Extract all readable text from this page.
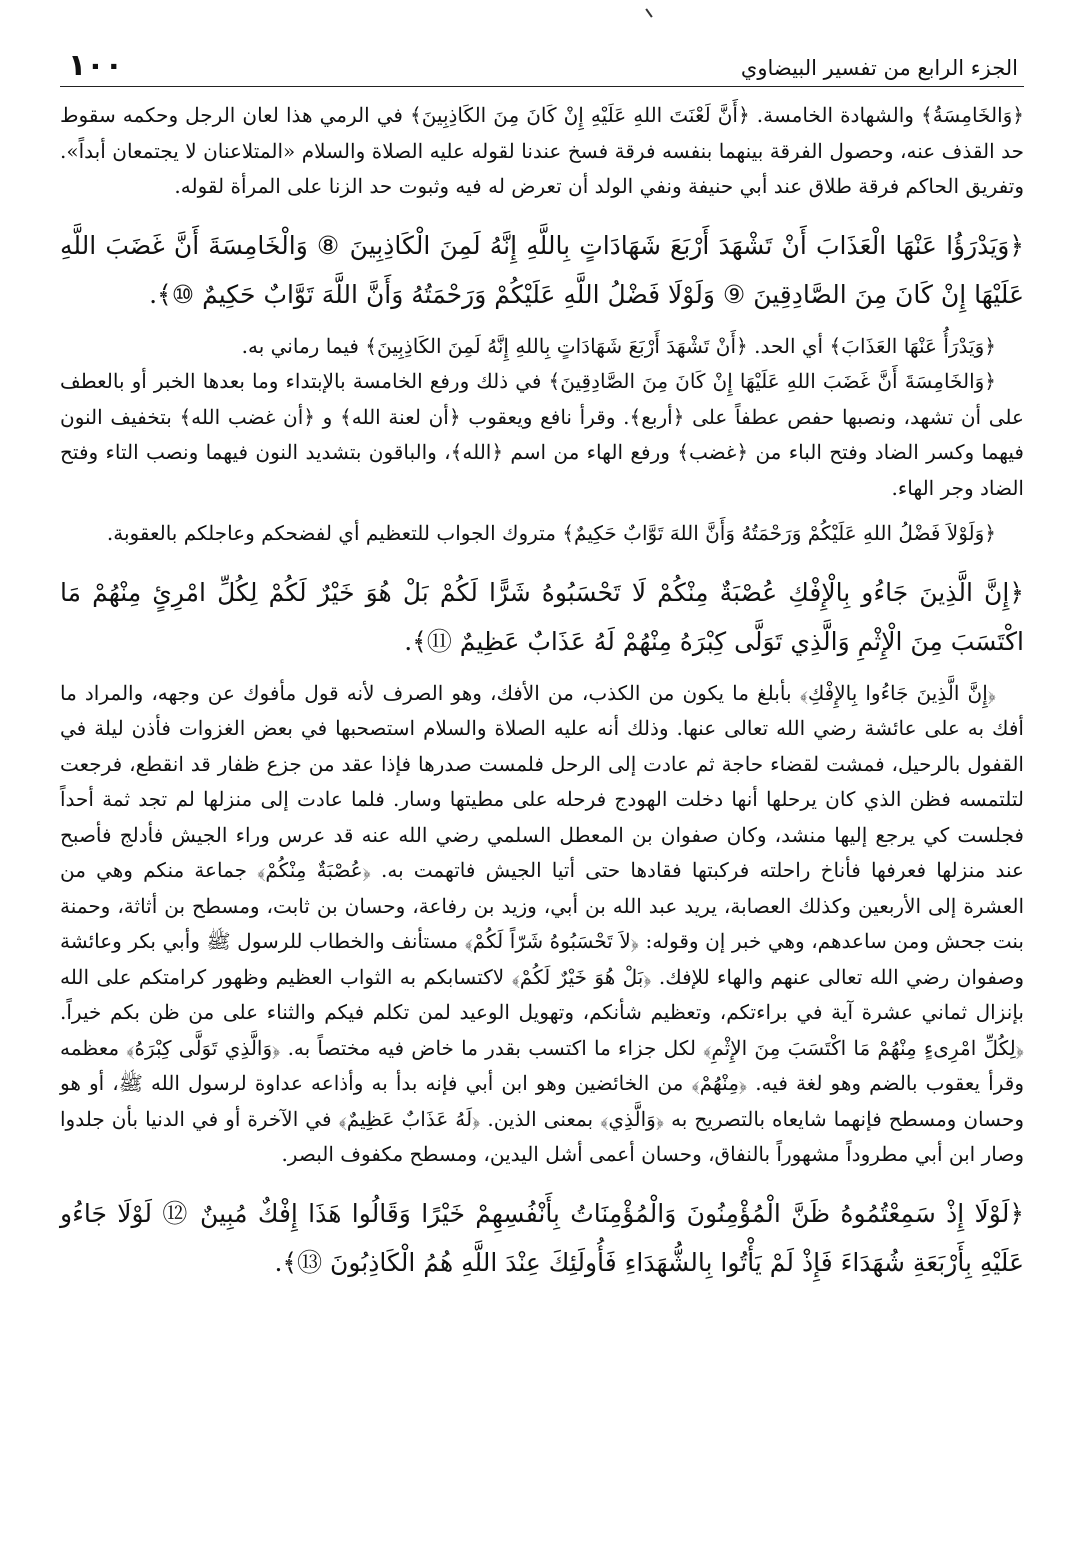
الجزء الرابع من تفسير البيضاوي
١٠٠

﴿وَالخَامِسَةُ﴾ والشهادة الخامسة. ﴿أَنَّ لَعْنَتَ اللهِ عَلَيْهِ إِنْ كَانَ مِنَ الكَاذِبِينَ﴾ في الرمي هذا لعان الرجل وحكمه سقوط حد القذف عنه، وحصول الفرقة بينهما بنفسه فرقة فسخ عندنا لقوله عليه الصلاة والسلام «المتلاعنان لا يجتمعان أبداً». وتفريق الحاكم فرقة طلاق عند أبي حنيفة ونفي الولد أن تعرض له فيه وثبوت حد الزنا على المرأة لقوله.

﴿وَيَدْرَؤُا عَنْهَا الْعَذَابَ أَنْ تَشْهَدَ أَرْبَعَ شَهَادَاتٍ بِاللَّهِ إِنَّهُ لَمِنَ الْكَاذِبِينَ ⑧ وَالْخَامِسَةَ أَنَّ غَضَبَ اللَّهِ عَلَيْهَا إِنْ كَانَ مِنَ الصَّادِقِينَ ⑨ وَلَوْلَا فَضْلُ اللَّهِ عَلَيْكُمْ وَرَحْمَتُهُ وَأَنَّ اللَّهَ تَوَّابٌ حَكِيمٌ ⑩﴾.

﴿وَيَدْرَأُ عَنْهَا العَذَابَ﴾ أي الحد. ﴿أَنْ تَشْهَدَ أَرْبَعَ شَهَادَاتٍ بِاللهِ إِنَّهُ لَمِنَ الكَاذِبِينَ﴾ فيما رماني به.

﴿وَالخَامِسَةَ أَنَّ غَضَبَ اللهِ عَلَيْهَا إِنْ كَانَ مِنَ الصَّادِقِينَ﴾ في ذلك ورفع الخامسة بالإبتداء وما بعدها الخبر أو بالعطف على أن تشهد، ونصبها حفص عطفاً على ﴿أربع﴾. وقرأ نافع ويعقوب ﴿أن لعنة الله﴾ و ﴿أن غضب الله﴾ بتخفيف النون فيهما وكسر الضاد وفتح الباء من ﴿غضب﴾ ورفع الهاء من اسم ﴿الله﴾، والباقون بتشديد النون فيهما ونصب التاء وفتح الضاد وجر الهاء.

﴿وَلَوْلاَ فَضْلُ اللهِ عَلَيْكُمْ وَرَحْمَتُهُ وَأَنَّ اللهَ تَوَّابٌ حَكِيمٌ﴾ متروك الجواب للتعظيم أي لفضحكم وعاجلكم بالعقوبة.

﴿إِنَّ الَّذِينَ جَاءُو بِالْإِفْكِ عُصْبَةٌ مِنْكُمْ لَا تَحْسَبُوهُ شَرًّا لَكُمْ بَلْ هُوَ خَيْرٌ لَكُمْ لِكُلِّ امْرِئٍ مِنْهُمْ مَا اكْتَسَبَ مِنَ الْإِثْمِ وَالَّذِي تَوَلَّى كِبْرَهُ مِنْهُمْ لَهُ عَذَابٌ عَظِيمٌ ⑪﴾.

﴿إِنَّ الَّذِينَ جَاءُوا بِالإِفْكِ﴾ بأبلغ ما يكون من الكذب، من الأفك، وهو الصرف لأنه قول مأفوك عن وجهه، والمراد ما أفك به على عائشة رضي الله تعالى عنها. وذلك أنه عليه الصلاة والسلام استصحبها في بعض الغزوات فأذن ليلة في القفول بالرحيل، فمشت لقضاء حاجة ثم عادت إلى الرحل فلمست صدرها فإذا عقد من جزع ظفار قد انقطع، فرجعت لتلتمسه فظن الذي كان يرحلها أنها دخلت الهودج فرحله على مطيتها وسار. فلما عادت إلى منزلها لم تجد ثمة أحداً فجلست كي يرجع إليها منشد، وكان صفوان بن المعطل السلمي رضي الله عنه قد عرس وراء الجيش فأدلج فأصبح عند منزلها فعرفها فأناخ راحلته فركبتها فقادها حتى أتيا الجيش فاتهمت به. ﴿عُصْبَةٌ مِنْكُمْ﴾ جماعة منكم وهي من العشرة إلى الأربعين وكذلك العصابة، يريد عبد الله بن أبي، وزيد بن رفاعة، وحسان بن ثابت، ومسطح بن أثاثة، وحمنة بنت جحش ومن ساعدهم، وهي خبر إن وقوله: ﴿لاَ تَحْسَبُوهُ شَرّاً لَكُمْ﴾ مستأنف والخطاب للرسول ﷺ وأبي بكر وعائشة وصفوان رضي الله تعالى عنهم والهاء للإفك. ﴿بَلْ هُوَ خَيْرٌ لَكُمْ﴾ لاكتسابكم به الثواب العظيم وظهور كرامتكم على الله بإنزال ثماني عشرة آية في براءتكم، وتعظيم شأنكم، وتهويل الوعيد لمن تكلم فيكم والثناء على من ظن بكم خيراً. ﴿لِكُلِّ امْرِىءٍ مِنْهُمْ مَا اكْتَسَبَ مِنَ الإِثْمِ﴾ لكل جزاء ما اكتسب بقدر ما خاض فيه مختصاً به. ﴿وَالَّذِي تَوَلَّى كِبْرَهُ﴾ معظمه وقرأ يعقوب بالضم وهو لغة فيه. ﴿مِنْهُمْ﴾ من الخائضين وهو ابن أبي فإنه بدأ به وأذاعه عداوة لرسول الله ﷺ، أو هو وحسان ومسطح فإنهما شايعاه بالتصريح به ﴿وَالَّذِي﴾ بمعنى الذين. ﴿لَهُ عَذَابٌ عَظِيمٌ﴾ في الآخرة أو في الدنيا بأن جلدوا وصار ابن أبي مطروداً مشهوراً بالنفاق، وحسان أعمى أشل اليدين، ومسطح مكفوف البصر.

﴿لَوْلَا إِذْ سَمِعْتُمُوهُ ظَنَّ الْمُؤْمِنُونَ وَالْمُؤْمِنَاتُ بِأَنْفُسِهِمْ خَيْرًا وَقَالُوا هَذَا إِفْكٌ مُبِينٌ ⑫ لَوْلَا جَاءُو عَلَيْهِ بِأَرْبَعَةِ شُهَدَاءَ فَإِذْ لَمْ يَأْتُوا بِالشُّهَدَاءِ فَأُولَئِكَ عِنْدَ اللَّهِ هُمُ الْكَاذِبُونَ ⑬﴾.
